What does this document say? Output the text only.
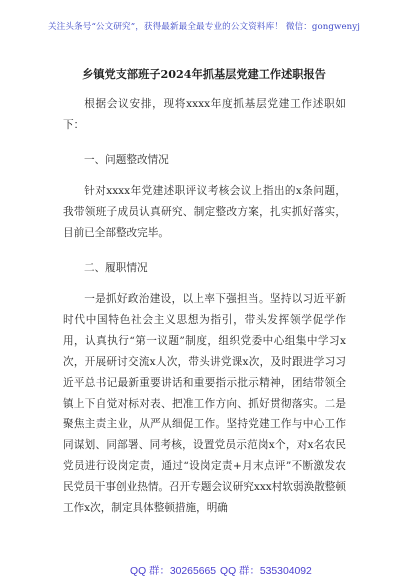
关注头条号“公文研究”，获得最新最全最专业的公文资料库！ 微信：gongwenyj
乡镇党支部班子2024年抓基层党建工作述职报告

根据会议安排，现将xxxx年度抓基层党建工作述职如下：

一、问题整改情况

针对xxxx年党建述职评议考核会议上指出的x条问题，我带领班子成员认真研究、制定整改方案，扎实抓好落实，目前已全部整改完毕。

二、履职情况

一是抓好政治建设，以上率下强担当。坚持以习近平新时代中国特色社会主义思想为指引，带头发挥领学促学作用，认真执行“第一议题”制度，组织党委中心组集中学习x次，开展研讨交流x人次，带头讲党课x次，及时跟进学习习近平总书记最新重要讲话和重要指示批示精神，团结带领全镇上下自觉对标对表、把准工作方向、抓好贯彻落实。二是聚焦主责主业，从严从细促工作。坚持党建工作与中心工作同谋划、同部署、同考核，设置党员示范岗x个，对x名农民党员进行设岗定责，通过“设岗定责+月末点评”不断激发农民党员干事创业热情。召开专题会议研究xxx村软弱涣散整顿工作x次，制定具体整顿措施，明确

QQ 群：30265665 QQ 群：535304092
